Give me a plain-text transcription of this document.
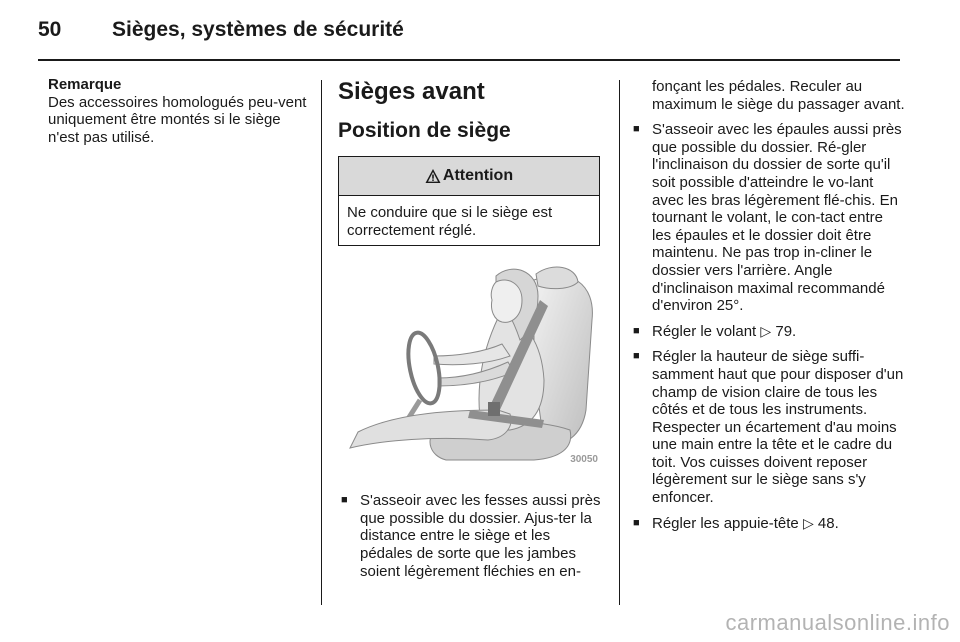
50 Sièges, systèmes de sécurité
Remarque
Des accessoires homologués peu-vent uniquement être montés si le siège n'est pas utilisé.
Sièges avant
Position de siège
Attention
Ne conduire que si le siège est correctement réglé.
30050
■ S'asseoir avec les fesses aussi près que possible du dossier. Ajus-ter la distance entre le siège et les pédales de sorte que les jambes soient légèrement fléchies en en-
fonçant les pédales. Reculer au maximum le siège du passager avant.
■ S'asseoir avec les épaules aussi près que possible du dossier. Ré-gler l'inclinaison du dossier de sorte qu'il soit possible d'atteindre le vo-lant avec les bras légèrement flé-chis. En tournant le volant, le con-tact entre les épaules et le dossier doit être maintenu. Ne pas trop in-cliner le dossier vers l'arrière. Angle d'inclinaison maximal recommandé d'environ 25°.
■ Régler le volant ▷ 79.
■ Régler la hauteur de siège suffi-samment haut que pour disposer d'un champ de vision claire de tous les côtés et de tous les instruments. Respecter un écartement d'au moins une main entre la tête et le cadre du toit. Vos cuisses doivent reposer légèrement sur le siège sans s'y enfoncer.
■ Régler les appuie-tête ▷ 48.
carmanualsonline.info
